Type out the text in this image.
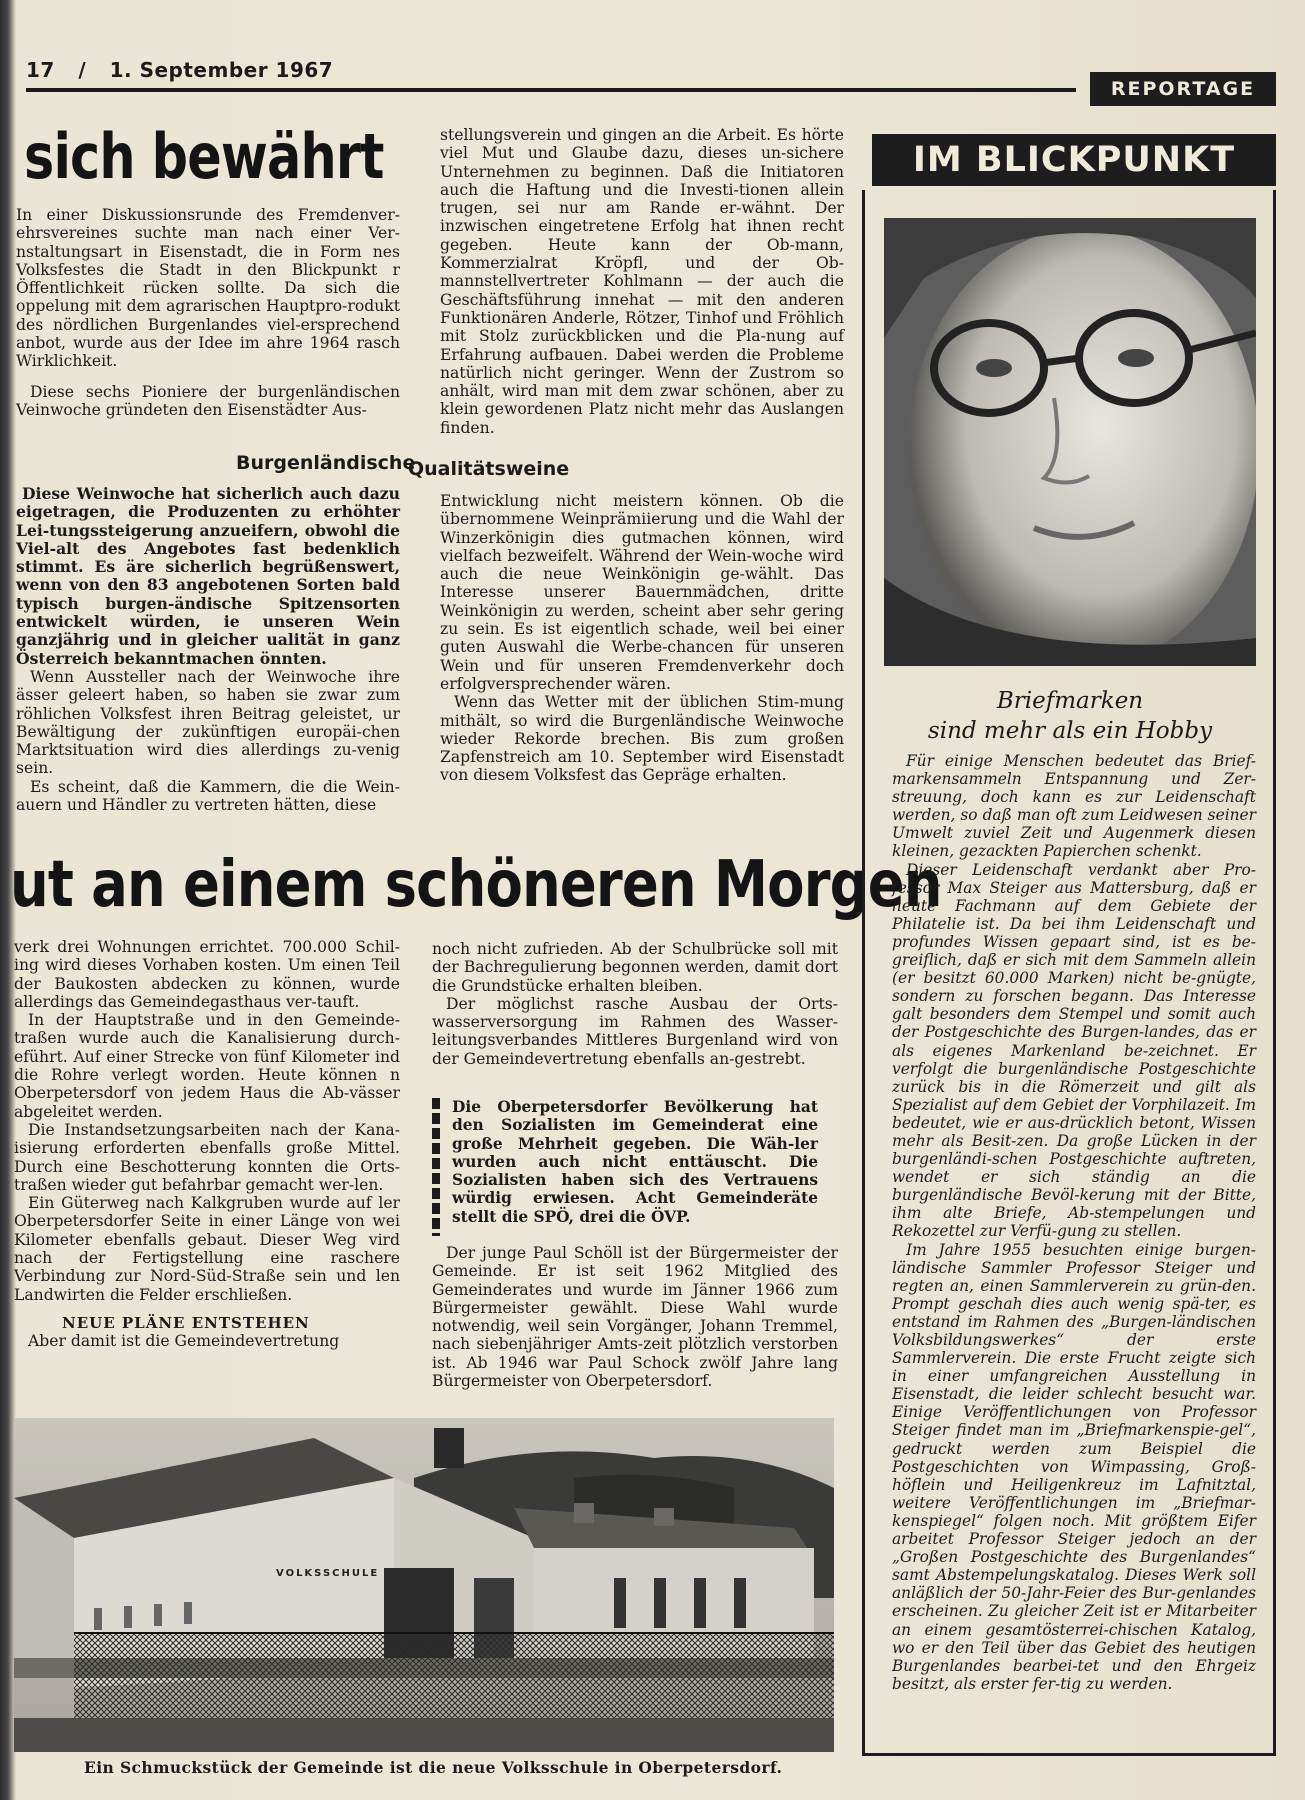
17 / 1. September 1967
REPORTAGE
sich bewährt

In einer Diskussionsrunde des Fremdenver-ehrsvereines suchte man nach einer Ver-nstaltungsart in Eisenstadt, die in Form nes Volksfestes die Stadt in den Blickpunkt r Öffentlichkeit rücken sollte. Da sich die oppelung mit dem agrarischen Hauptpro-rodukt des nördlichen Burgenlandes viel-ersprechend anbot, wurde aus der Idee im ahre 1964 rasch Wirklichkeit.

Diese sechs Pioniere der burgenländischen Veinwoche gründeten den Eisenstädter Aus-

stellungsverein und gingen an die Arbeit. Es hörte viel Mut und Glaube dazu, dieses un-sichere Unternehmen zu beginnen. Daß die Initiatoren auch die Haftung und die Investi-tionen allein trugen, sei nur am Rande er-wähnt. Der inzwischen eingetretene Erfolg hat ihnen recht gegeben. Heute kann der Ob-mann, Kommerzialrat Kröpfl, und der Ob-mannstellvertreter Kohlmann — der auch die Geschäftsführung innehat — mit den anderen Funktionären Anderle, Rötzer, Tinhof und Fröhlich mit Stolz zurückblicken und die Pla-nung auf Erfahrung aufbauen. Dabei werden die Probleme natürlich nicht geringer. Wenn der Zustrom so anhält, wird man mit dem zwar schönen, aber zu klein gewordenen Platz nicht mehr das Auslangen finden.

Burgenländische
Qualitätsweine

Diese Weinwoche hat sicherlich auch dazu eigetragen, die Produzenten zu erhöhter Lei-tungssteigerung anzueifern, obwohl die Viel-alt des Angebotes fast bedenklich stimmt. Es äre sicherlich begrüßenswert, wenn von den 83 angebotenen Sorten bald typisch burgen-ändische Spitzensorten entwickelt würden, ie unseren Wein ganzjährig und in gleicher ualität in ganz Österreich bekanntmachen önnten.

Wenn Aussteller nach der Weinwoche ihre ässer geleert haben, so haben sie zwar zum röhlichen Volksfest ihren Beitrag geleistet, ur Bewältigung der zukünftigen europäi-chen Marktsituation wird dies allerdings zu-venig sein.

Es scheint, daß die Kammern, die die Wein-auern und Händler zu vertreten hätten, diese

Entwicklung nicht meistern können. Ob die übernommene Weinprämiierung und die Wahl der Winzerkönigin dies gutmachen können, wird vielfach bezweifelt. Während der Wein-woche wird auch die neue Weinkönigin ge-wählt. Das Interesse unserer Bauernmädchen, dritte Weinkönigin zu werden, scheint aber sehr gering zu sein. Es ist eigentlich schade, weil bei einer guten Auswahl die Werbe-chancen für unseren Wein und für unseren Fremdenverkehr doch erfolgversprechender wären.

Wenn das Wetter mit der üblichen Stim-mung mithält, so wird die Burgenländische Weinwoche wieder Rekorde brechen. Bis zum großen Zapfenstreich am 10. September wird Eisenstadt von diesem Volksfest das Gepräge erhalten.

ut an einem schöneren Morgen

verk drei Wohnungen errichtet. 700.000 Schil-ing wird dieses Vorhaben kosten. Um einen Teil der Baukosten abdecken zu können, wurde allerdings das Gemeindegasthaus ver-tauft.

In der Hauptstraße und in den Gemeinde-traßen wurde auch die Kanalisierung durch-eführt. Auf einer Strecke von fünf Kilometer ind die Rohre verlegt worden. Heute können n Oberpetersdorf von jedem Haus die Ab-vässer abgeleitet werden.

Die Instandsetzungsarbeiten nach der Kana-isierung erforderten ebenfalls große Mittel. Durch eine Beschotterung konnten die Orts-traßen wieder gut befahrbar gemacht wer-len.

Ein Güterweg nach Kalkgruben wurde auf ler Oberpetersdorfer Seite in einer Länge von wei Kilometer ebenfalls gebaut. Dieser Weg vird nach der Fertigstellung eine raschere Verbindung zur Nord-Süd-Straße sein und len Landwirten die Felder erschließen.

NEUE PLÄNE ENTSTEHEN

Aber damit ist die Gemeindevertretung

noch nicht zufrieden. Ab der Schulbrücke soll mit der Bachregulierung begonnen werden, damit dort die Grundstücke erhalten bleiben.

Der möglichst rasche Ausbau der Orts-wasserversorgung im Rahmen des Wasser-leitungsverbandes Mittleres Burgenland wird von der Gemeindevertretung ebenfalls an-gestrebt.

Die Oberpetersdorfer Bevölkerung hat den Sozialisten im Gemeinderat eine große Mehrheit gegeben. Die Wäh-ler wurden auch nicht enttäuscht. Die Sozialisten haben sich des Vertrauens würdig erwiesen. Acht Gemeinderäte stellt die SPÖ, drei die ÖVP.

Der junge Paul Schöll ist der Bürgermeister der Gemeinde. Er ist seit 1962 Mitglied des Gemeinderates und wurde im Jänner 1966 zum Bürgermeister gewählt. Diese Wahl wurde notwendig, weil sein Vorgänger, Johann Tremmel, nach siebenjähriger Amts-zeit plötzlich verstorben ist. Ab 1946 war Paul Schock zwölf Jahre lang Bürgermeister von Oberpetersdorf.

VOLKSSCHULE
Ein Schmuckstück der Gemeinde ist die neue Volksschule in Oberpetersdorf.
IM BLICKPUNKT
Briefmarken
sind mehr als ein Hobby

Für einige Menschen bedeutet das Brief-markensammeln Entspannung und Zer-streuung, doch kann es zur Leidenschaft werden, so daß man oft zum Leidwesen seiner Umwelt zuviel Zeit und Augenmerk diesen kleinen, gezackten Papierchen schenkt.

Dieser Leidenschaft verdankt aber Pro-fessor Max Steiger aus Mattersburg, daß er heute Fachmann auf dem Gebiete der Philatelie ist. Da bei ihm Leidenschaft und profundes Wissen gepaart sind, ist es be-greiflich, daß er sich mit dem Sammeln allein (er besitzt 60.000 Marken) nicht be-gnügte, sondern zu forschen begann. Das Interesse galt besonders dem Stempel und somit auch der Postgeschichte des Burgen-landes, das er als eigenes Markenland be-zeichnet. Er verfolgt die burgenländische Postgeschichte zurück bis in die Römerzeit und gilt als Spezialist auf dem Gebiet der Vorphilazeit. Im bedeutet, wie er aus-drücklich betont, Wissen mehr als Besit-zen. Da große Lücken in der burgenländi-schen Postgeschichte auftreten, wendet er sich ständig an die burgenländische Bevöl-kerung mit der Bitte, ihm alte Briefe, Ab-stempelungen und Rekozettel zur Verfü-gung zu stellen.

Im Jahre 1955 besuchten einige burgen-ländische Sammler Professor Steiger und regten an, einen Sammlerverein zu grün-den. Prompt geschah dies auch wenig spä-ter, es entstand im Rahmen des „Burgen-ländischen Volksbildungswerkes“ der erste Sammlerverein. Die erste Frucht zeigte sich in einer umfangreichen Ausstellung in Eisenstadt, die leider schlecht besucht war. Einige Veröffentlichungen von Professor Steiger findet man im „Briefmarkenspie-gel“, gedruckt werden zum Beispiel die Postgeschichten von Wimpassing, Groß-höflein und Heiligenkreuz im Lafnitztal, weitere Veröffentlichungen im „Briefmar-kenspiegel“ folgen noch. Mit größtem Eifer arbeitet Professor Steiger jedoch an der „Großen Postgeschichte des Burgenlandes“ samt Abstempelungskatalog. Dieses Werk soll anläßlich der 50-Jahr-Feier des Bur-genlandes erscheinen. Zu gleicher Zeit ist er Mitarbeiter an einem gesamtösterrei-chischen Katalog, wo er den Teil über das Gebiet des heutigen Burgenlandes bearbei-tet und den Ehrgeiz besitzt, als erster fer-tig zu werden.
